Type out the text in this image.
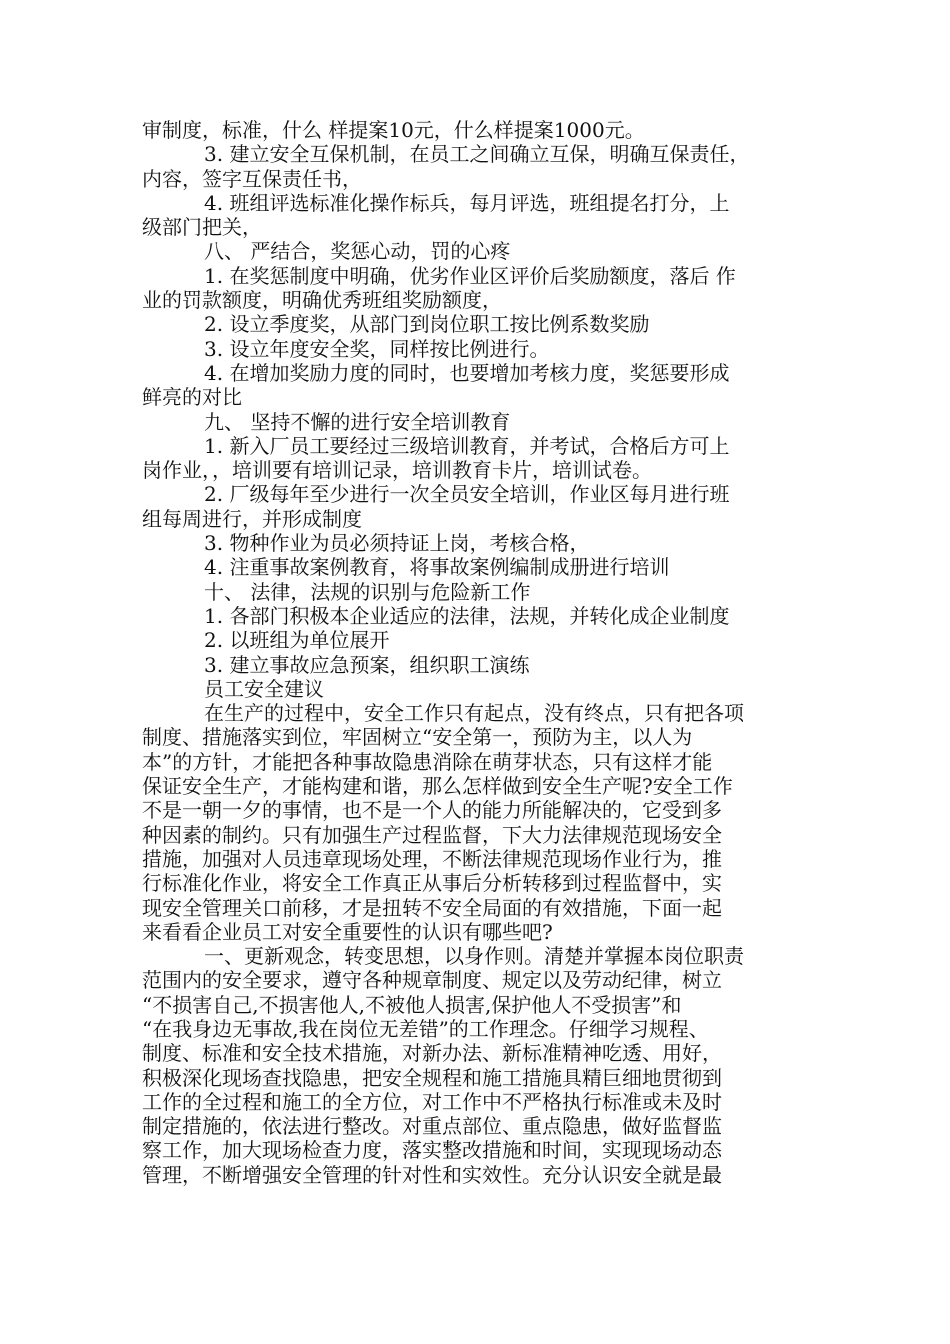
审制度，标准，什么 样提案10元，什么样提案1000元。
3. 建立安全互保机制，在员工之间确立互保，明确互保责任，
内容，签字互保责任书，
4. 班组评选标准化操作标兵，每月评选，班组提名打分，上
级部门把关，
八、 严结合，奖惩心动，罚的心疼
1. 在奖惩制度中明确，优劣作业区评价后奖励额度，落后 作
业的罚款额度，明确优秀班组奖励额度，
2. 设立季度奖，从部门到岗位职工按比例系数奖励
3. 设立年度安全奖，同样按比例进行。
4. 在增加奖励力度的同时，也要增加考核力度，奖惩要形成
鲜亮的对比
九、 坚持不懈的进行安全培训教育
1. 新入厂员工要经过三级培训教育，并考试，合格后方可上
岗作业，，培训要有培训记录，培训教育卡片，培训试卷。
2. 厂级每年至少进行一次全员安全培训，作业区每月进行班
组每周进行，并形成制度
3. 物种作业为员必须持证上岗，考核合格，
4. 注重事故案例教育，将事故案例编制成册进行培训
十、 法律，法规的识别与危险新工作
1. 各部门积极本企业适应的法律，法规，并转化成企业制度
2. 以班组为单位展开
3. 建立事故应急预案，组织职工演练
员工安全建议
在生产的过程中，安全工作只有起点，没有终点，只有把各项
制度、措施落实到位，牢固树立“安全第一，预防为主，以人为
本”的方针，才能把各种事故隐患消除在萌芽状态，只有这样才能
保证安全生产，才能构建和谐，那么怎样做到安全生产呢?安全工作
不是一朝一夕的事情，也不是一个人的能力所能解决的，它受到多
种因素的制约。只有加强生产过程监督，下大力法律规范现场安全
措施，加强对人员违章现场处理，不断法律规范现场作业行为，推
行标准化作业，将安全工作真正从事后分析转移到过程监督中，实
现安全管理关口前移，才是扭转不安全局面的有效措施，下面一起
来看看企业员工对安全重要性的认识有哪些吧?
一、更新观念，转变思想，以身作则。清楚并掌握本岗位职责
范围内的安全要求，遵守各种规章制度、规定以及劳动纪律，树立
“不损害自己,不损害他人,不被他人损害,保护他人不受损害”和
“在我身边无事故,我在岗位无差错”的工作理念。仔细学习规程、
制度、标准和安全技术措施，对新办法、新标准精神吃透、用好，
积极深化现场查找隐患，把安全规程和施工措施具精巨细地贯彻到
工作的全过程和施工的全方位，对工作中不严格执行标准或未及时
制定措施的，依法进行整改。对重点部位、重点隐患，做好监督监
察工作，加大现场检查力度，落实整改措施和时间，实现现场动态
管理，不断增强安全管理的针对性和实效性。充分认识安全就是最
